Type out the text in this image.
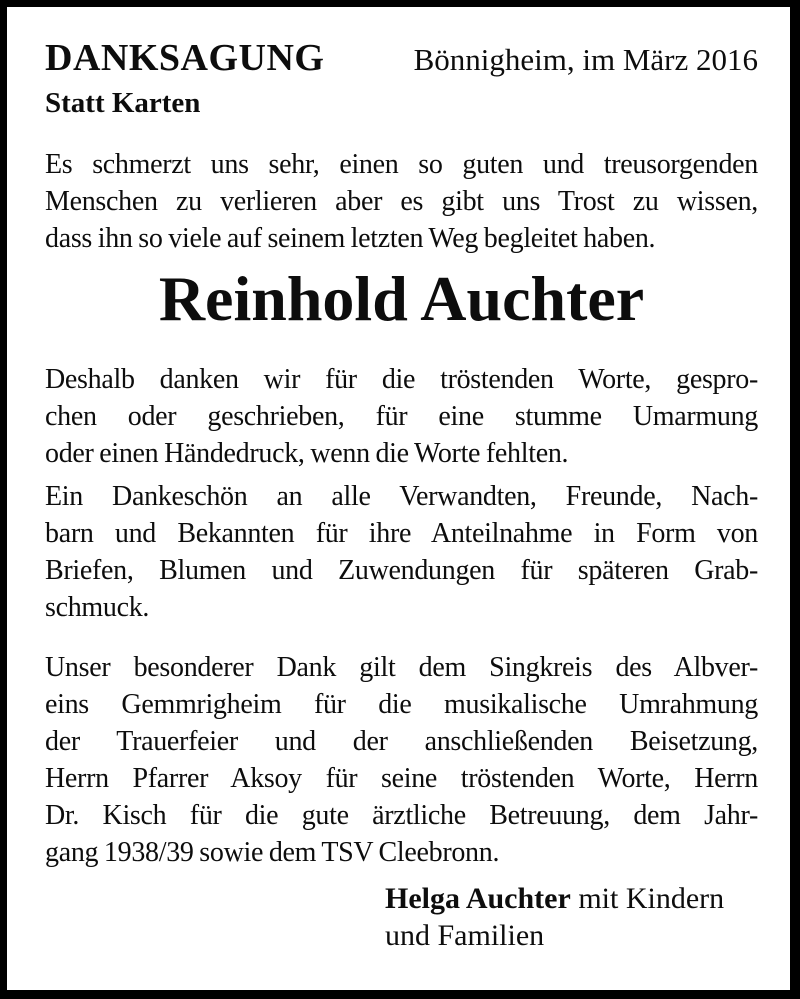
DANKSAGUNG	Bönnigheim, im März 2016
Statt Karten
Es schmerzt uns sehr, einen so guten und treusorgenden
Menschen zu verlieren aber es gibt uns Trost zu wissen,
dass ihn so viele auf seinem letzten Weg begleitet haben.
Reinhold Auchter
Deshalb danken wir für die tröstenden Worte, gespro-
chen oder geschrieben, für eine stumme Umarmung
oder einen Händedruck, wenn die Worte fehlten.
Ein Dankeschön an alle Verwandten, Freunde, Nach-
barn und Bekannten für ihre Anteilnahme in Form von
Briefen, Blumen und Zuwendungen für späteren Grab-
schmuck.
Unser besonderer Dank gilt dem Singkreis des Albver-
eins Gemmrigheim für die musikalische Umrahmung
der Trauerfeier und der anschließenden Beisetzung,
Herrn Pfarrer Aksoy für seine tröstenden Worte, Herrn
Dr. Kisch für die gute ärztliche Betreuung, dem Jahr-
gang 1938/39 sowie dem TSV Cleebronn.
Helga Auchter mit Kindern
und Familien
